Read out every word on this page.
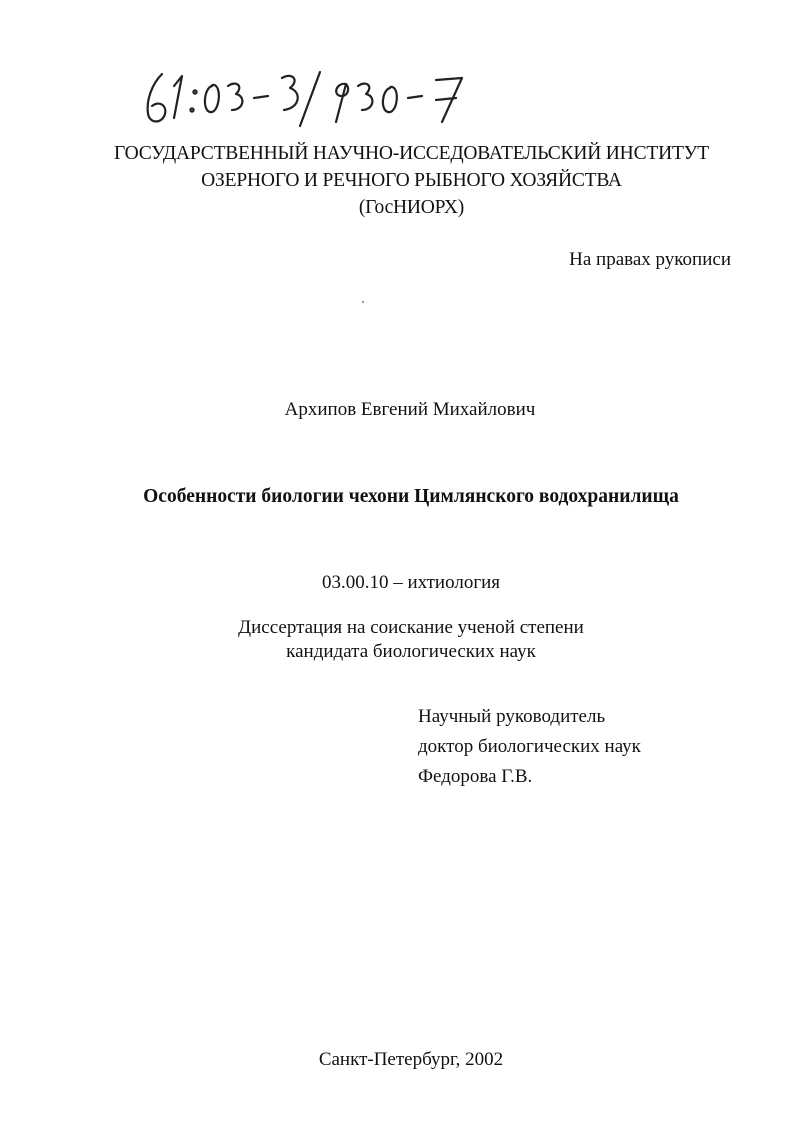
ГОСУДАРСТВЕННЫЙ НАУЧНО-ИССЕДОВАТЕЛЬСКИЙ ИНСТИТУТ
ОЗЕРНОГО И РЕЧНОГО РЫБНОГО ХОЗЯЙСТВА
(ГосНИОРХ)
На правах рукописи
Архипов Евгений Михайлович
Особенности биологии чехони Цимлянского водохранилища
03.00.10 – ихтиология
Диссертация на соискание ученой степени
кандидата биологических наук
Научный руководитель
доктор биологических наук
Федорова Г.В.
Санкт-Петербург, 2002
